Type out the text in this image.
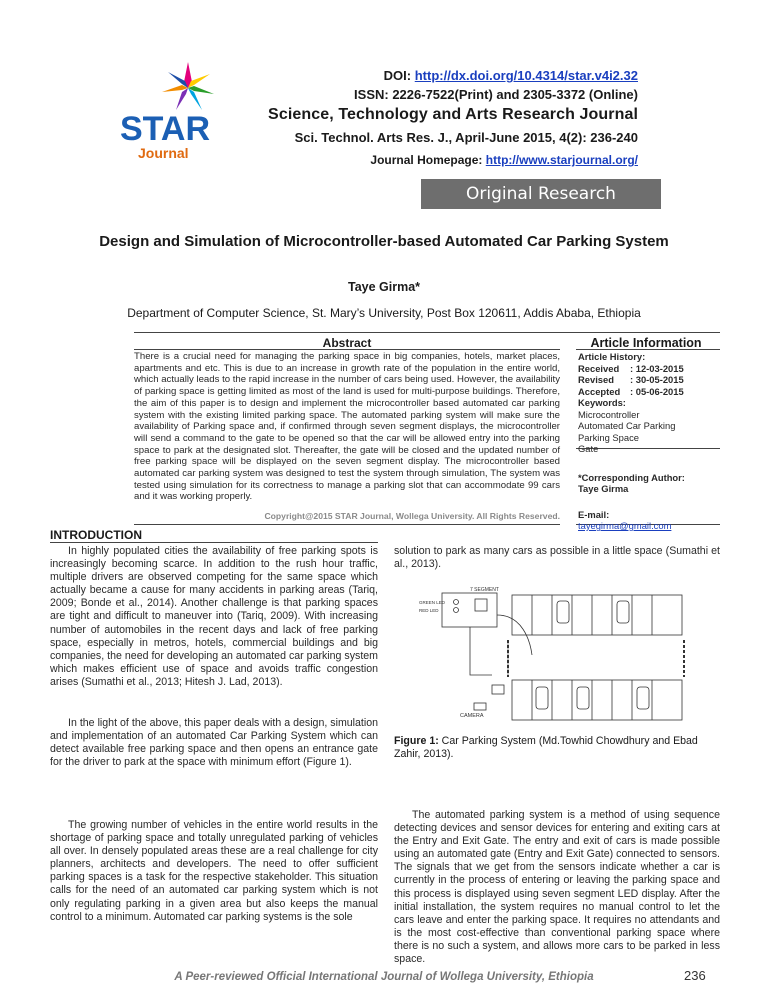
STAR
Journal
DOI: http://dx.doi.org/10.4314/star.v4i2.32
ISSN: 2226-7522(Print) and 2305-3372 (Online)
Science, Technology and Arts Research Journal
Sci. Technol. Arts Res. J., April-June 2015, 4(2): 236-240
Journal Homepage: http://www.starjournal.org/
Original Research
Design and Simulation of Microcontroller-based Automated Car Parking System
Taye Girma*
Department of Computer Science, St. Mary’s University, Post Box 120611, Addis Ababa, Ethiopia
Abstract	Article Information
There is a crucial need for managing the parking space in big companies, hotels, market places, apartments and etc. This is due to an increase in growth rate of the population in the entire world, which actually leads to the rapid increase in the number of cars being used. However, the availability of parking space is getting limited as most of the land is used for multi-purpose buildings. Therefore, the aim of this paper is to design and implement the microcontroller based automated car parking system with the existing limited parking space. The automated parking system will make sure the availability of Parking space and, if confirmed through seven segment displays, the microcontroller will send a command to the gate to be opened so that the car will be allowed entry into the parking space to park at the designated slot. Thereafter, the gate will be closed and the updated number of free parking space will be displayed on the seven segment display. The microcontroller based automated car parking system was designed to test the system through simulation, The system was tested using simulation for its correctness to manage a parking slot that can accommodate 99 cars and it was working properly.
Copyright@2015 STAR Journal, Wollega University. All Rights Reserved.
Article History:
Received	: 12-03-2015
Revised	: 30-05-2015
Accepted	: 05-06-2015
Keywords:
Microcontroller
Automated Car Parking
Parking Space
Gate
*Corresponding Author:
Taye Girma
E-mail:
tayegirma@gmail.com
INTRODUCTION

In highly populated cities the availability of free parking spots is increasingly becoming scarce. In addition to the rush hour traffic, multiple drivers are observed competing for the same space which actually became a cause for many accidents in parking areas (Tariq, 2009; Bonde et al., 2014). Another challenge is that parking spaces are tight and difficult to maneuver into (Tariq, 2009). With increasing number of automobiles in the recent days and lack of free parking space, especially in metros, hotels, commercial buildings and big companies, the need for developing an automated car parking system which makes efficient use of space and avoids traffic congestion arises (Sumathi et al., 2013; Hitesh J. Lad, 2013).

In the light of the above, this paper deals with a design, simulation and implementation of an automated Car Parking System which can detect available free parking space and then opens an entrance gate for the driver to park at the space with minimum effort (Figure 1).

The growing number of vehicles in the entire world results in the shortage of parking space and totally unregulated parking of vehicles all over. In densely populated areas these are a real challenge for city planners, architects and developers. The need to offer sufficient parking spaces is a task for the respective stakeholder. This situation calls for the need of an automated car parking system which is not only regulating parking in a given area but also keeps the manual control to a minimum. Automated car parking systems is the sole

solution to park as many cars as possible in a little space (Sumathi et al., 2013).

7 SEGMENT
GREEN LED
RED LED
CAMERA
Figure 1: Car Parking System (Md.Towhid Chowdhury and Ebad Zahir, 2013).

The automated parking system is a method of using sequence detecting devices and sensor devices for entering and exiting cars at the Entry and Exit Gate. The entry and exit of cars is made possible using an automated gate (Entry and Exit Gate) connected to sensors. The signals that we get from the sensors indicate whether a car is currently in the process of entering or leaving the parking space and this process is displayed using seven segment LED display. After the initial installation, the system requires no manual control to let the cars leave and enter the parking space. It requires no attendants and is the most cost-effective than conventional parking space where there is no such a system, and allows more cars to be parked in less space.

A Peer-reviewed Official International Journal of Wollega University, Ethiopia	236
